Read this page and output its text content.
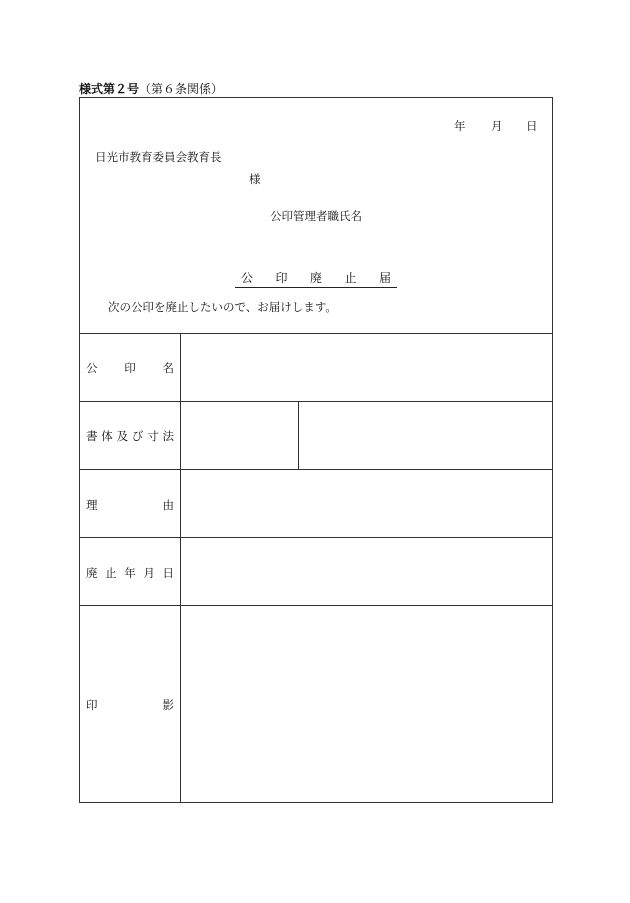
様式第２号（第６条関係）
年 月 日
日光市教育委員会教育長
様
公印管理者職氏名
公 印 廃 止 届
次の公印を廃止したいので、お届けします。
公 印 名
書 体 及 び 寸 法
理	由
廃 止 年 月 日
印	影
